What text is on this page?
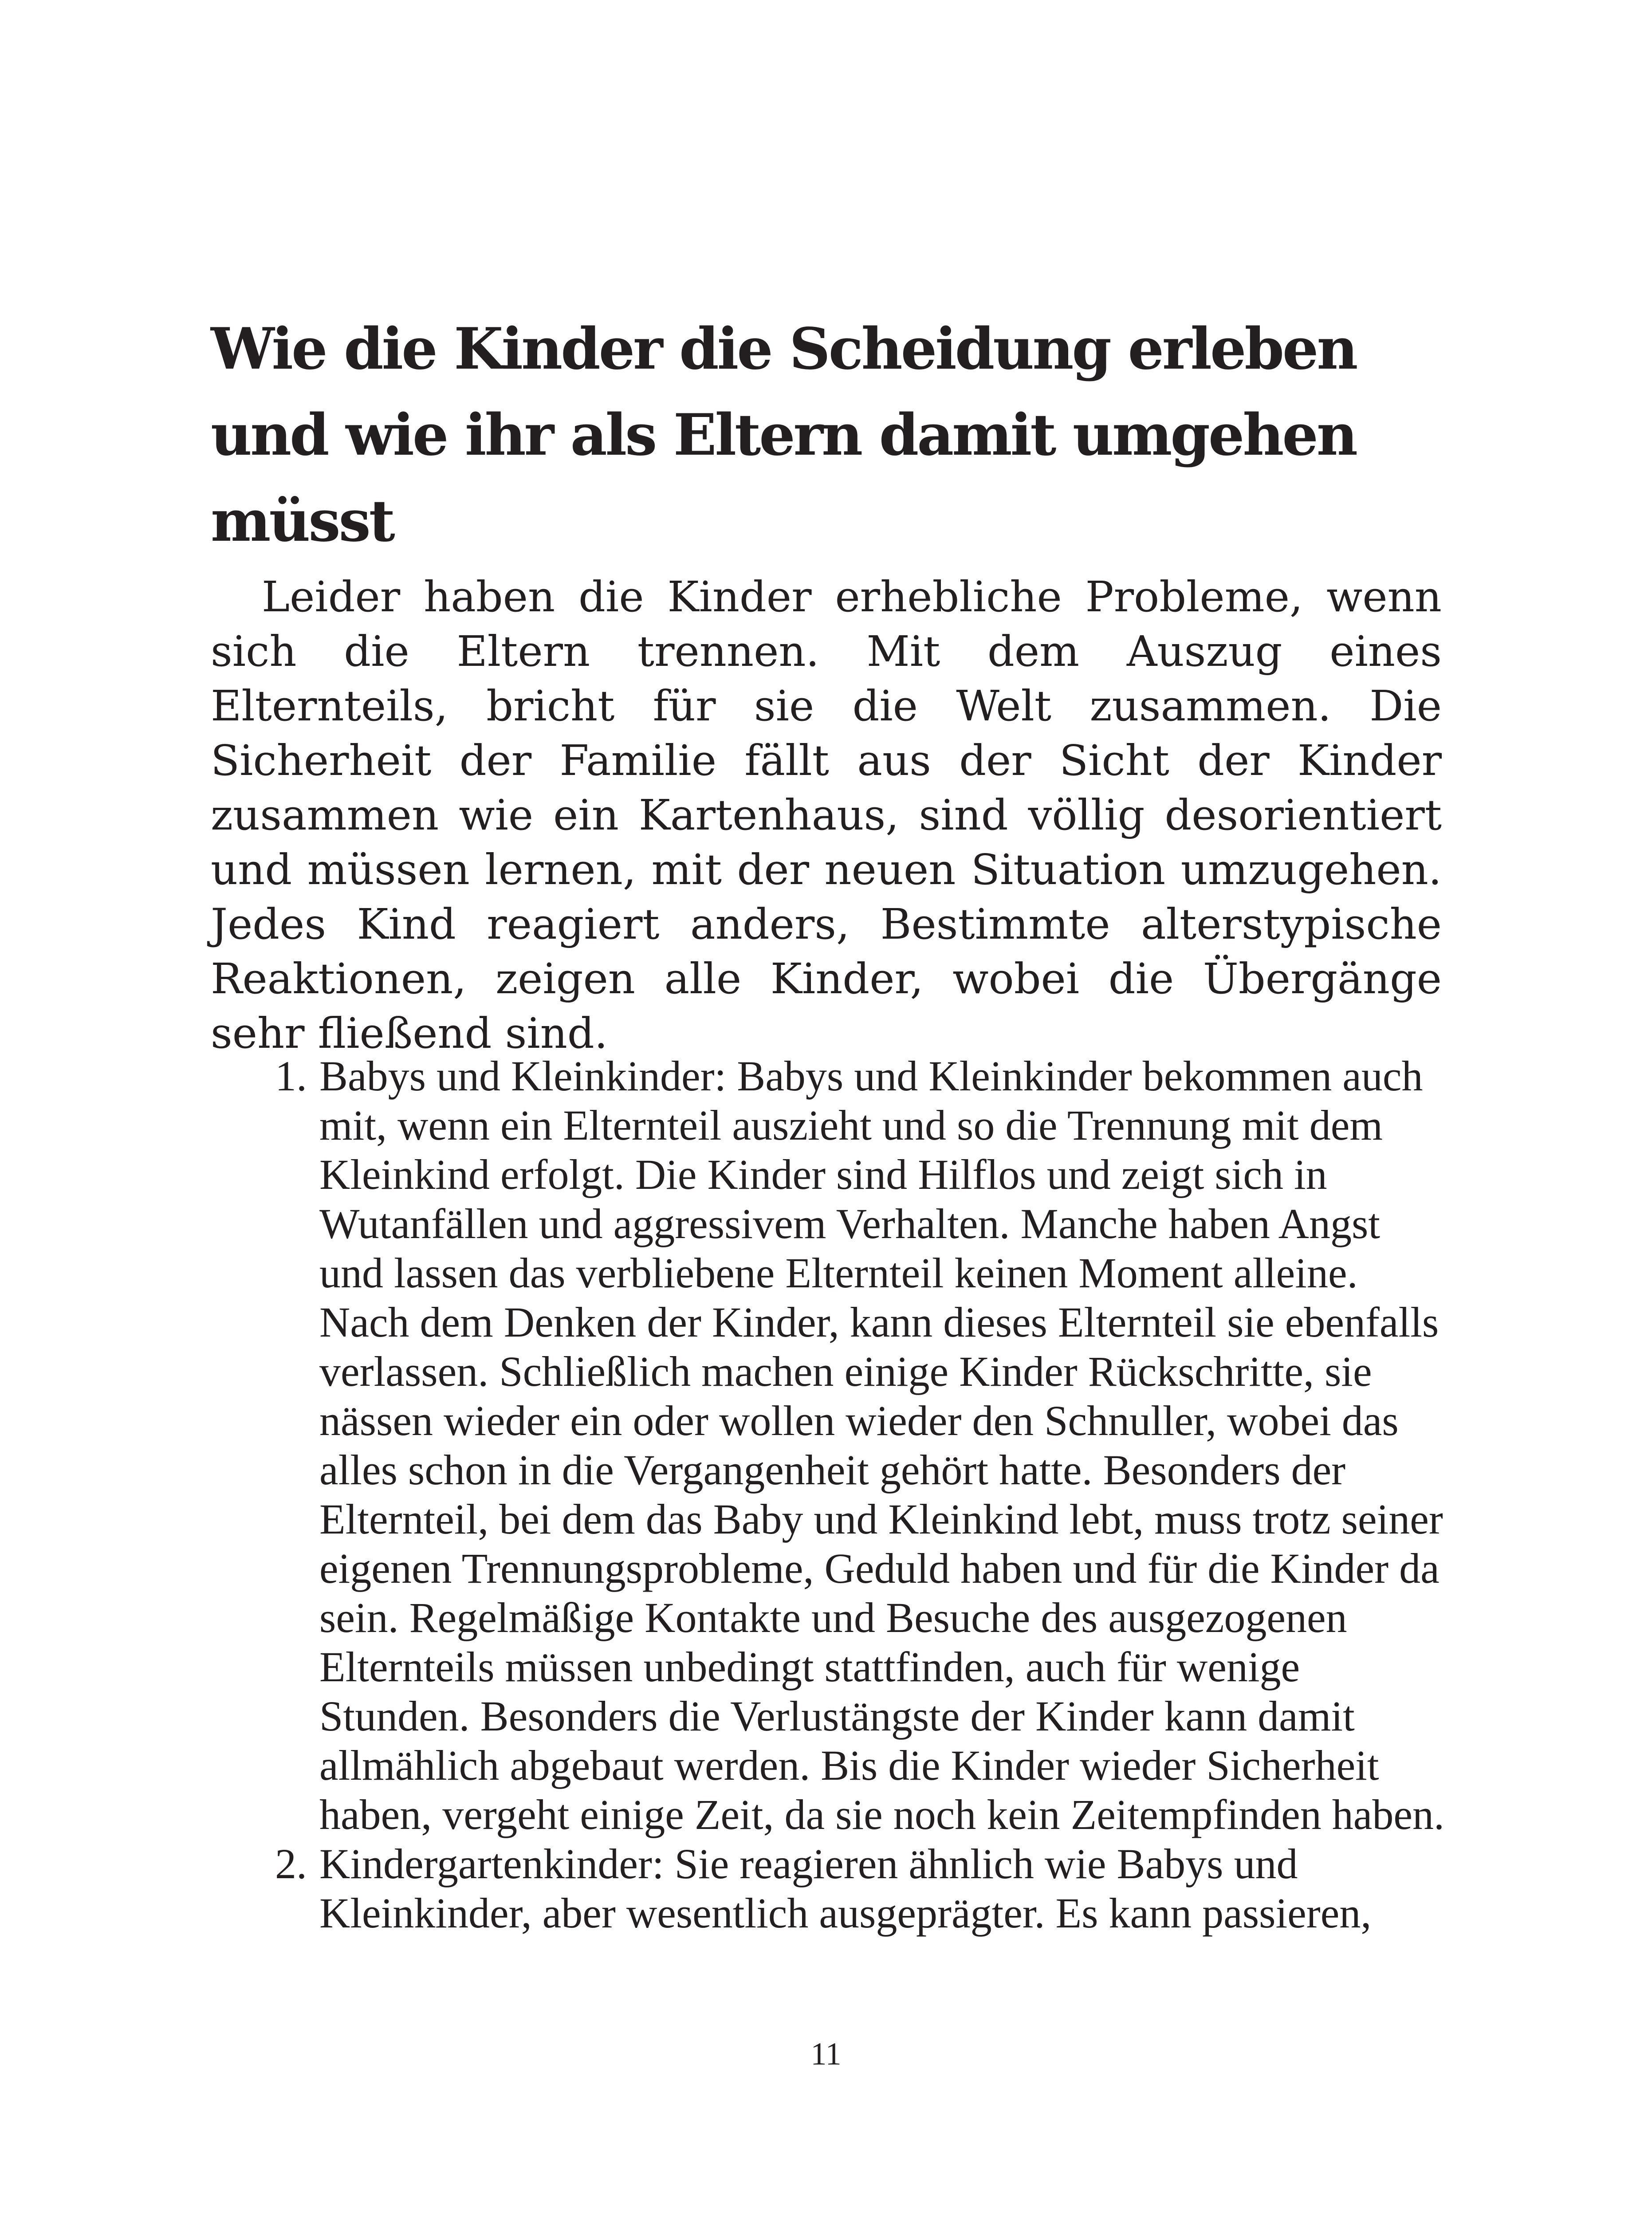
Wie die Kinder die Scheidung erleben und wie ihr als Eltern damit umgehen müsst

Leider haben die Kinder erhebliche Probleme, wenn sich die Eltern trennen. Mit dem Auszug eines Elternteils, bricht für sie die Welt zusammen. Die Sicherheit der Familie fällt aus der Sicht der Kinder zusammen wie ein Kartenhaus, sind völlig desorientiert und müssen lernen, mit der neuen Situation umzugehen. Jedes Kind reagiert anders, Bestimmte alterstypische Reaktionen, zeigen alle Kinder, wobei die Übergänge sehr fließend sind.

1. Babys und Kleinkinder: Babys und Kleinkinder bekommen auch mit, wenn ein Elternteil auszieht und so die Trennung mit dem Kleinkind erfolgt. Die Kinder sind Hilflos und zeigt sich in Wutanfällen und aggressivem Verhalten. Manche haben Angst und lassen das verbliebene Elternteil keinen Moment alleine. Nach dem Denken der Kinder, kann dieses Elternteil sie ebenfalls verlassen. Schließlich machen einige Kinder Rückschritte, sie nässen wieder ein oder wollen wieder den Schnuller, wobei das alles schon in die Vergangenheit gehört hatte. Besonders der Elternteil, bei dem das Baby und Kleinkind lebt, muss trotz seiner eigenen Trennungsprobleme, Geduld haben und für die Kinder da sein. Regelmäßige Kontakte und Besuche des ausgezogenen Elternteils müssen unbedingt stattfinden, auch für wenige Stunden. Besonders die Verlustängste der Kinder kann damit allmählich abgebaut werden. Bis die Kinder wieder Sicherheit haben, vergeht einige Zeit, da sie noch kein Zeitempfinden haben.
2. Kindergartenkinder: Sie reagieren ähnlich wie Babys und Kleinkinder, aber wesentlich ausgeprägter. Es kann passieren,
11
